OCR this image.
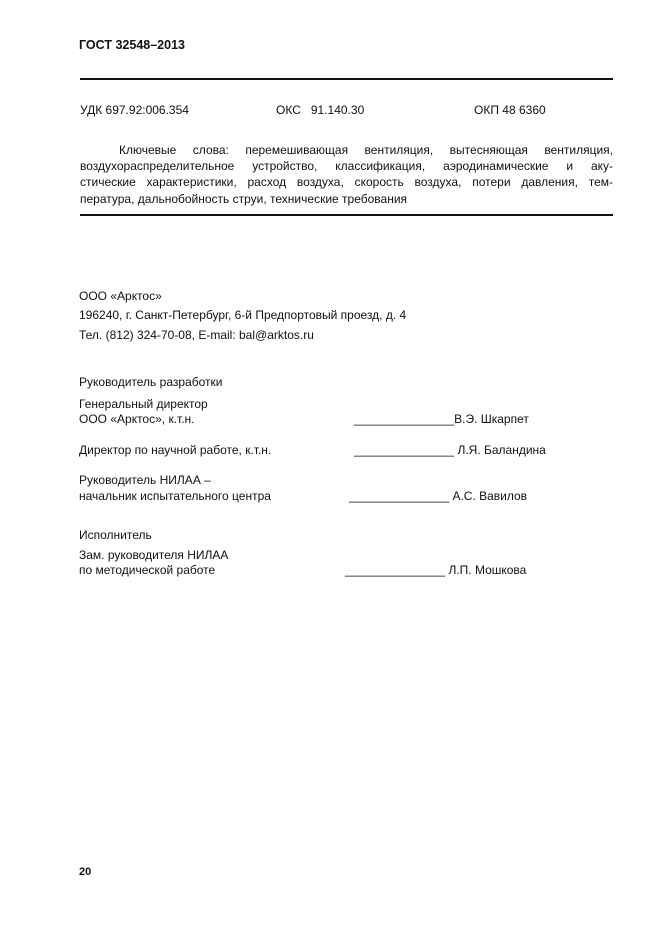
ГОСТ 32548–2013
УДК 697.92:006.354	ОКС   91.140.30	ОКП 48 6360
Ключевые слова: перемешивающая вентиляция, вытесняющая вентиляция,
воздухораспределительное устройство, классификация, аэродинамические и аку-
стические характеристики, расход воздуха, скорость воздуха, потери давления, тем-
пература, дальнобойность струи, технические требования
ООО «Арктос»
196240, г. Санкт-Петербург, 6-й Предпортовый проезд, д. 4
Тел. (812) 324-70-08, E-mail: bal@arktos.ru
Руководитель разработки
Генеральный директор
ООО «Арктос», к.т.н.	_______________В.Э. Шкарпет
Директор по научной работе, к.т.н.	_______________ Л.Я. Баландина
Руководитель НИЛАА –
начальник испытательного центра	_______________ А.С. Вавилов
Исполнитель
Зам. руководителя НИЛАА
по методической работе	_______________ Л.П. Мошкова
20
